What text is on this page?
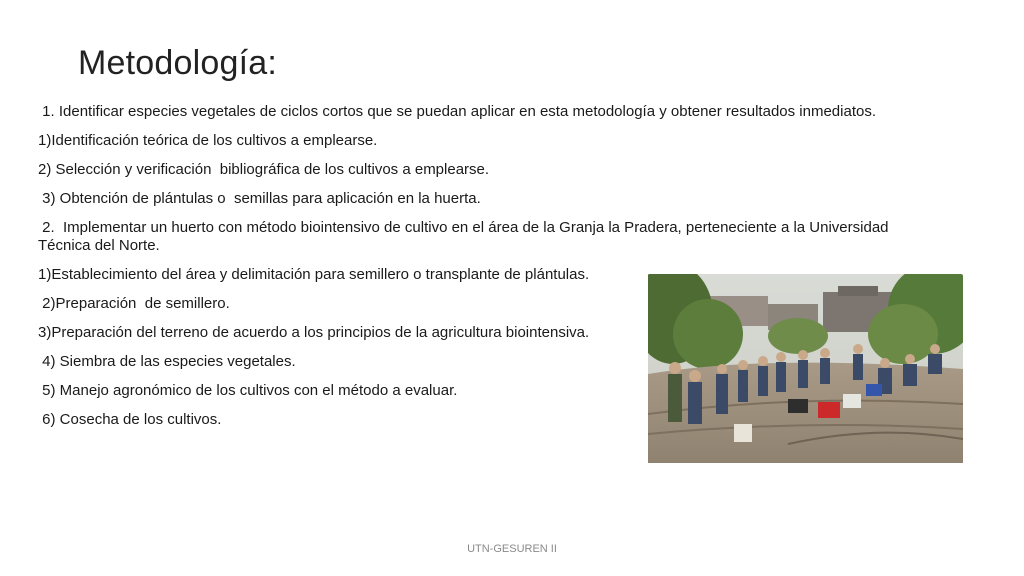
Metodología:

1. Identificar especies vegetales de ciclos cortos que se puedan aplicar en esta metodología y obtener resultados inmediatos.

1)Identificación teórica de los cultivos a emplearse.

2) Selección y verificación  bibliográfica de los cultivos a emplearse.

3) Obtención de plántulas o  semillas para aplicación en la huerta.

2.  Implementar un huerto con método biointensivo de cultivo en el área de la Granja la Pradera, perteneciente a la Universidad Técnica del Norte.

1)Establecimiento del área y delimitación para semillero o transplante de plántulas.

2)Preparación  de semillero.

3)Preparación del terreno de acuerdo a los principios de la agricultura biointensiva.

4) Siembra de las especies vegetales.

5) Manejo agronómico de los cultivos con el método a evaluar.

6) Cosecha de los cultivos.

UTN-GESUREN II
